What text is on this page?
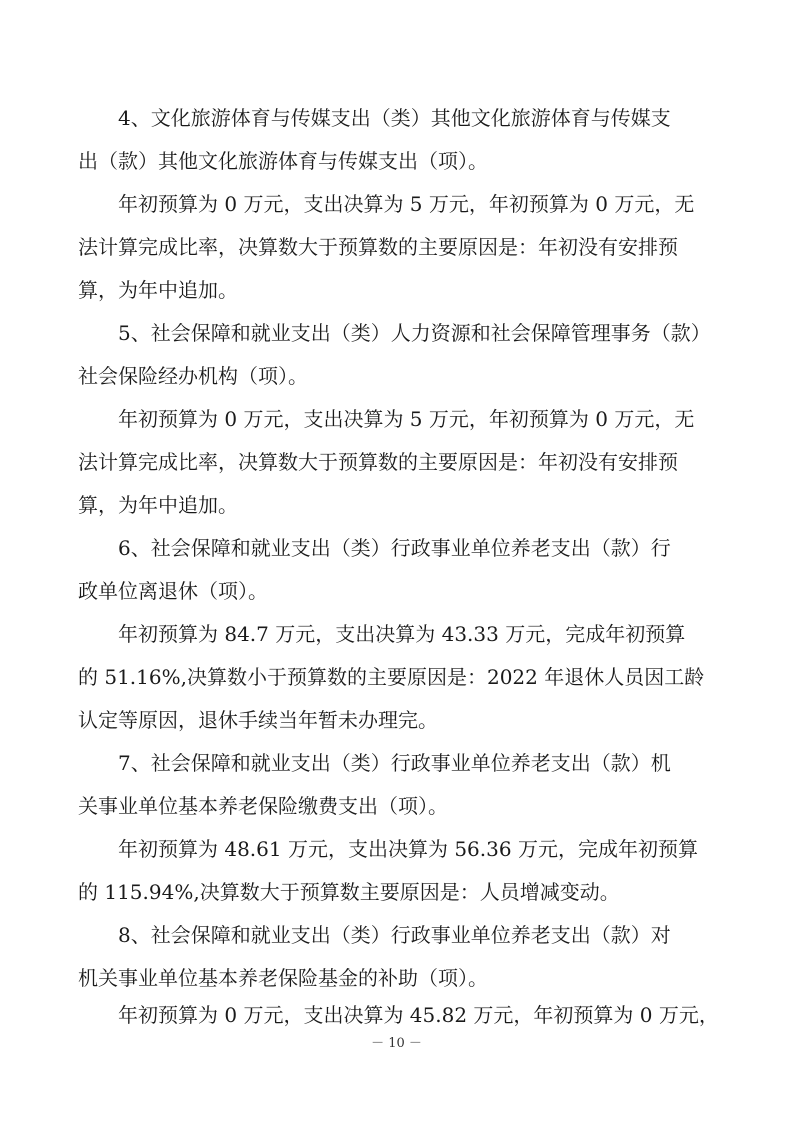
4、文化旅游体育与传媒支出（类）其他文化旅游体育与传媒支
出（款）其他文化旅游体育与传媒支出（项）。
年初预算为 0 万元，支出决算为 5 万元，年初预算为 0 万元，无
法计算完成比率，决算数大于预算数的主要原因是：年初没有安排预
算，为年中追加。
5、社会保障和就业支出（类）人力资源和社会保障管理事务（款）
社会保险经办机构（项）。
年初预算为 0 万元，支出决算为 5 万元，年初预算为 0 万元，无
法计算完成比率，决算数大于预算数的主要原因是：年初没有安排预
算，为年中追加。
6、社会保障和就业支出（类）行政事业单位养老支出（款）行
政单位离退休（项）。
年初预算为 84.7 万元，支出决算为 43.33 万元，完成年初预算
的 51.16%,决算数小于预算数的主要原因是：2022 年退休人员因工龄
认定等原因，退休手续当年暂未办理完。
7、社会保障和就业支出（类）行政事业单位养老支出（款）机
关事业单位基本养老保险缴费支出（项）。
年初预算为 48.61 万元，支出决算为 56.36 万元，完成年初预算
的 115.94%,决算数大于预算数主要原因是：人员增减变动。
8、社会保障和就业支出（类）行政事业单位养老支出（款）对
机关事业单位基本养老保险基金的补助（项）。
年初预算为 0 万元，支出决算为 45.82 万元，年初预算为 0 万元，
－ 10 －
